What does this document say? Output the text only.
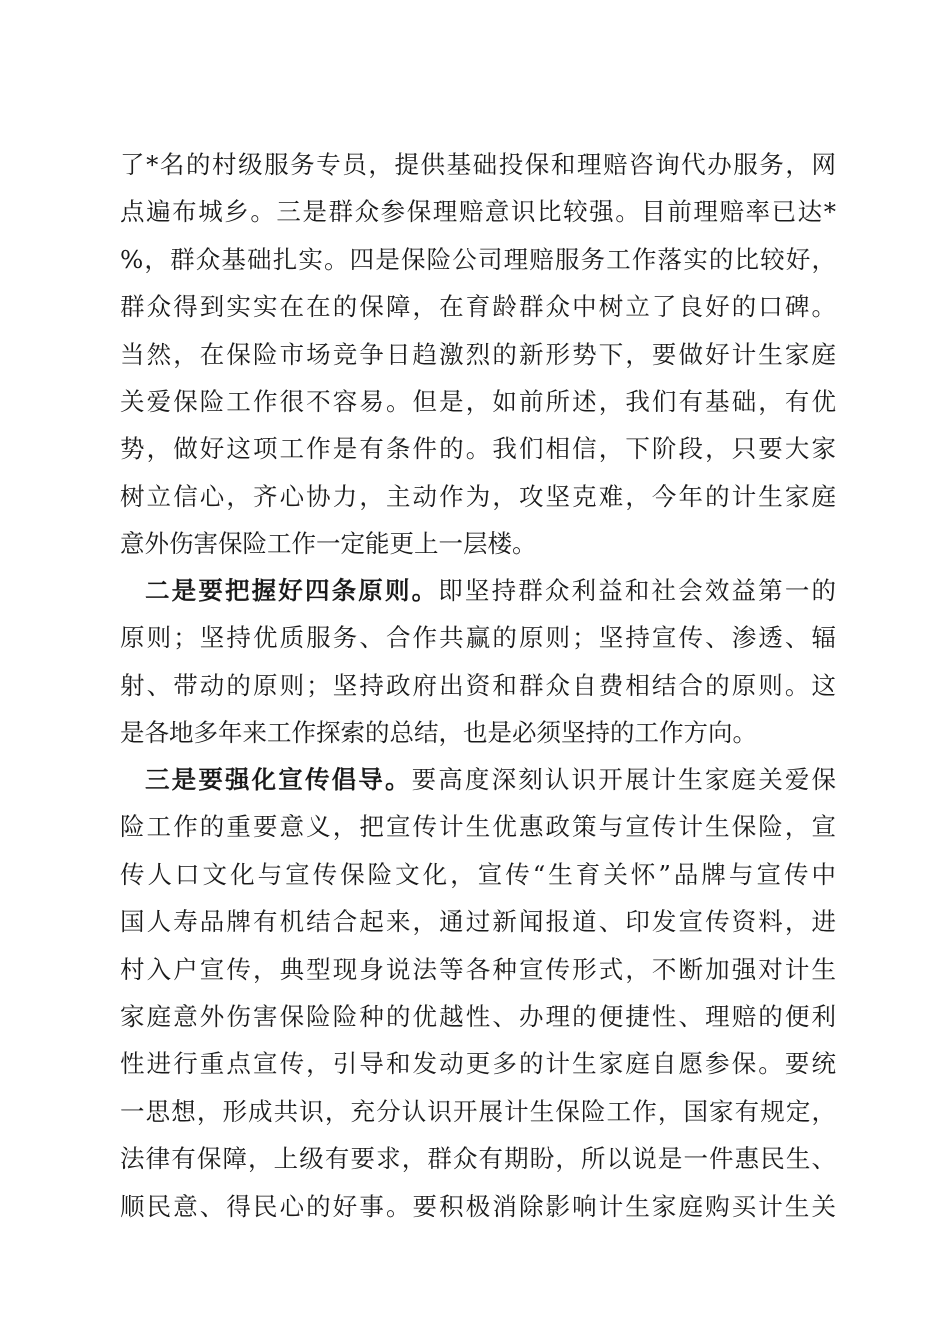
了*名的村级服务专员，提供基础投保和理赔咨询代办服务，网
点遍布城乡。三是群众参保理赔意识比较强。目前理赔率已达*
%，群众基础扎实。四是保险公司理赔服务工作落实的比较好，
群众得到实实在在的保障，在育龄群众中树立了良好的口碑。
当然，在保险市场竞争日趋激烈的新形势下，要做好计生家庭
关爱保险工作很不容易。但是，如前所述，我们有基础，有优
势，做好这项工作是有条件的。我们相信，下阶段，只要大家
树立信心，齐心协力，主动作为，攻坚克难，今年的计生家庭
意外伤害保险工作一定能更上一层楼。
二是要把握好四条原则。即坚持群众利益和社会效益第一的
原则；坚持优质服务、合作共赢的原则；坚持宣传、渗透、辐
射、带动的原则；坚持政府出资和群众自费相结合的原则。这
是各地多年来工作探索的总结，也是必须坚持的工作方向。
三是要强化宣传倡导。要高度深刻认识开展计生家庭关爱保
险工作的重要意义，把宣传计生优惠政策与宣传计生保险，宣
传人口文化与宣传保险文化，宣传“生育关怀”品牌与宣传中
国人寿品牌有机结合起来，通过新闻报道、印发宣传资料，进
村入户宣传，典型现身说法等各种宣传形式，不断加强对计生
家庭意外伤害保险险种的优越性、办理的便捷性、理赔的便利
性进行重点宣传，引导和发动更多的计生家庭自愿参保。要统
一思想，形成共识，充分认识开展计生保险工作，国家有规定，
法律有保障，上级有要求，群众有期盼，所以说是一件惠民生、
顺民意、得民心的好事。要积极消除影响计生家庭购买计生关
